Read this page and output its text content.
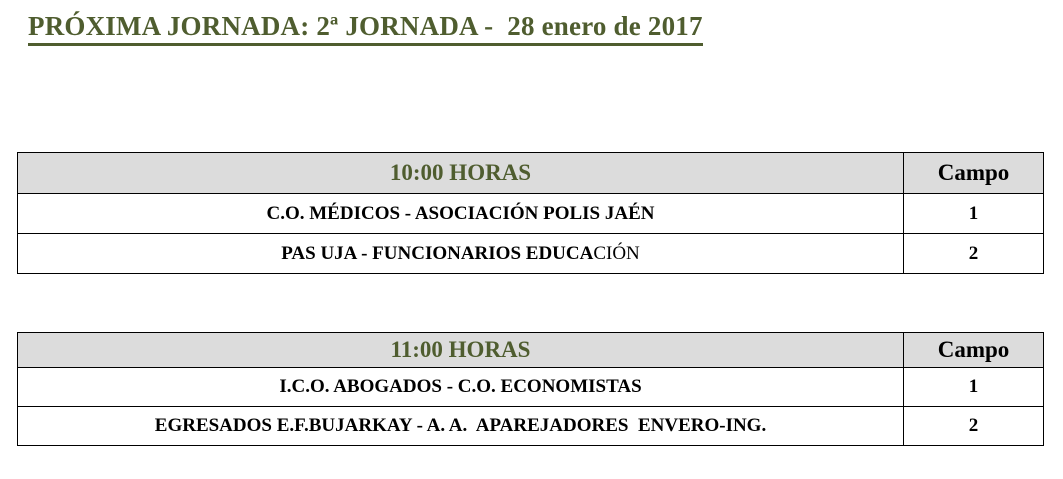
PRÓXIMA JORNADA: 2ª JORNADA -  28 enero de 2017
10:00 HORAS	Campo
C.O. MÉDICOS - ASOCIACIÓN POLIS JAÉN	1
PAS UJA - FUNCIONARIOS EDUCACIÓN	2
11:00 HORAS	Campo
I.C.O. ABOGADOS - C.O. ECONOMISTAS	1
EGRESADOS E.F.BUJARKAY - A. A.  APAREJADORES  ENVERO-ING.	2
